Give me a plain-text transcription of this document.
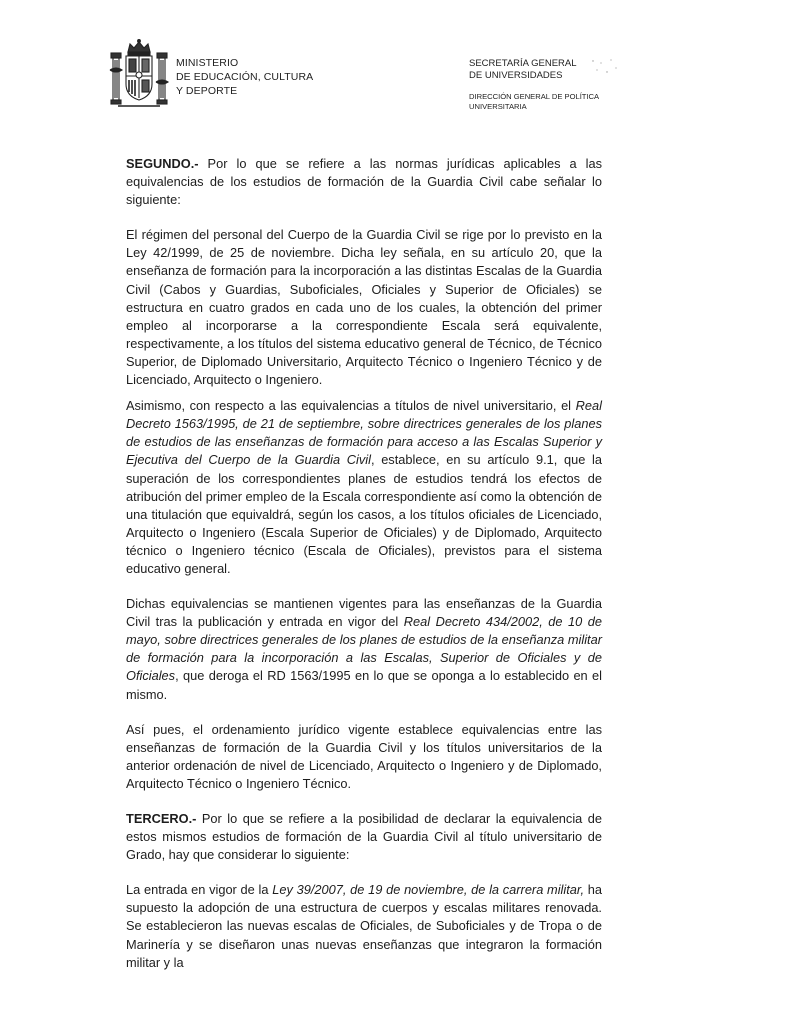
MINISTERIO
DE EDUCACIÓN, CULTURA
Y DEPORTE
SECRETARÍA GENERAL
DE UNIVERSIDADES
DIRECCIÓN GENERAL DE POLÍTICA
UNIVERSITARIA

SEGUNDO.- Por lo que se refiere a las normas jurídicas aplicables a las equivalencias de los estudios de formación de la Guardia Civil cabe señalar lo siguiente:

El régimen del personal del Cuerpo de la Guardia Civil se rige por lo previsto en la Ley 42/1999, de 25 de noviembre. Dicha ley señala, en su artículo 20, que la enseñanza de formación para la incorporación a las distintas Escalas de la Guardia Civil (Cabos y Guardias, Suboficiales, Oficiales y Superior de Oficiales) se estructura en cuatro grados en cada uno de los cuales, la obtención del primer empleo al incorporarse a la correspondiente Escala será equivalente, respectivamente, a los títulos del sistema educativo general de Técnico, de Técnico Superior, de Diplomado Universitario, Arquitecto Técnico o Ingeniero Técnico y de Licenciado, Arquitecto o Ingeniero.

Asimismo, con respecto a las equivalencias a títulos de nivel universitario, el Real Decreto 1563/1995, de 21 de septiembre, sobre directrices generales de los planes de estudios de las enseñanzas de formación para acceso a las Escalas Superior y Ejecutiva del Cuerpo de la Guardia Civil, establece, en su artículo 9.1, que la superación de los correspondientes planes de estudios tendrá los efectos de atribución del primer empleo de la Escala correspondiente así como la obtención de una titulación que equivaldrá, según los casos, a los títulos oficiales de Licenciado, Arquitecto o Ingeniero (Escala Superior de Oficiales) y de Diplomado, Arquitecto técnico o Ingeniero técnico (Escala de Oficiales), previstos para el sistema educativo general.

Dichas equivalencias se mantienen vigentes para las enseñanzas de la Guardia Civil tras la publicación y entrada en vigor del Real Decreto 434/2002, de 10 de mayo, sobre directrices generales de los planes de estudios de la enseñanza militar de formación para la incorporación a las Escalas, Superior de Oficiales y de Oficiales, que deroga el RD 1563/1995 en lo que se oponga a lo establecido en el mismo.

Así pues, el ordenamiento jurídico vigente establece equivalencias entre las enseñanzas de formación de la Guardia Civil y los títulos universitarios de la anterior ordenación de nivel de Licenciado, Arquitecto o Ingeniero y de Diplomado, Arquitecto Técnico o Ingeniero Técnico.

TERCERO.- Por lo que se refiere a la posibilidad de declarar la equivalencia de estos mismos estudios de formación de la Guardia Civil al título universitario de Grado, hay que considerar lo siguiente:

La entrada en vigor de la Ley 39/2007, de 19 de noviembre, de la carrera militar, ha supuesto la adopción de una estructura de cuerpos y escalas militares renovada. Se establecieron las nuevas escalas de Oficiales, de Suboficiales y de Tropa o de Marinería y se diseñaron unas nuevas enseñanzas que integraron la formación militar y la
